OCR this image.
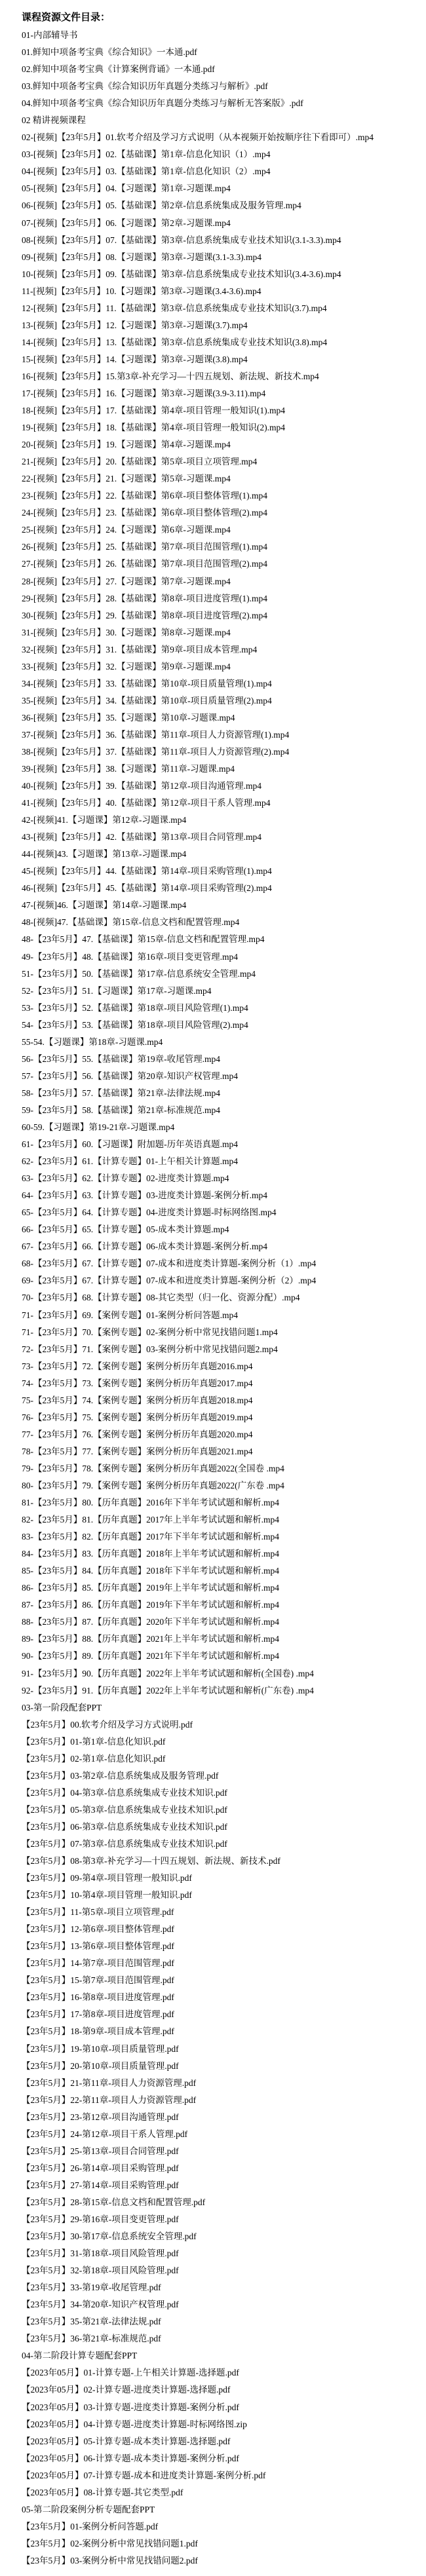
课程资源文件目录：
01-内部辅导书
01.鲜知中项备考宝典《综合知识》一本通.pdf
02.鲜知中项备考宝典《计算案例背诵》一本通.pdf
03.鲜知中项备考宝典《综合知识历年真题分类练习与解析》.pdf
04.鲜知中项备考宝典《综合知识历年真题分类练习与解析无答案版》.pdf
02 精讲视频课程
02-[视频]【23年5月】01.软考介绍及学习方式说明（从本视频开始按顺序往下看即可）.mp4
03-[视频]【23年5月】02.【基础课】第1章-信息化知识（1）.mp4
04-[视频]【23年5月】03.【基础课】第1章-信息化知识（2）.mp4
05-[视频]【23年5月】04.【习题课】第1章-习题课.mp4
06-[视频]【23年5月】05.【基础课】第2章-信息系统集成及服务管理.mp4
07-[视频]【23年5月】06.【习题课】第2章-习题课.mp4
08-[视频]【23年5月】07.【基础课】第3章-信息系统集成专业技术知识(3.1-3.3).mp4
09-[视频]【23年5月】08.【习题课】第3章-习题课(3.1-3.3).mp4
10-[视频]【23年5月】09.【基础课】第3章-信息系统集成专业技术知识(3.4-3.6).mp4
11-[视频]【23年5月】10.【习题课】第3章-习题课(3.4-3.6).mp4
12-[视频]【23年5月】11.【基础课】第3章-信息系统集成专业技术知识(3.7).mp4
13-[视频]【23年5月】12.【习题课】第3章-习题课(3.7).mp4
14-[视频]【23年5月】13.【基础课】第3章-信息系统集成专业技术知识(3.8).mp4
15-[视频]【23年5月】14.【习题课】第3章-习题课(3.8).mp4
16-[视频]【23年5月】15.第3章-补充学习—十四五规划、新法规、新技术.mp4
17-[视频]【23年5月】16.【习题课】第3章-习题课(3.9-3.11).mp4
18-[视频]【23年5月】17.【基础课】第4章-项目管理一般知识(1).mp4
19-[视频]【23年5月】18.【基础课】第4章-项目管理一般知识(2).mp4
20-[视频]【23年5月】19.【习题课】第4章-习题课.mp4
21-[视频]【23年5月】20.【基础课】第5章-项目立项管理.mp4
22-[视频]【23年5月】21.【习题课】第5章-习题课.mp4
23-[视频]【23年5月】22.【基础课】第6章-项目整体管理(1).mp4
24-[视频]【23年5月】23.【基础课】第6章-项目整体管理(2).mp4
25-[视频]【23年5月】24.【习题课】第6章-习题课.mp4
26-[视频]【23年5月】25.【基础课】第7章-项目范围管理(1).mp4
27-[视频]【23年5月】26.【基础课】第7章-项目范围管理(2).mp4
28-[视频]【23年5月】27.【习题课】第7章-习题课.mp4
29-[视频]【23年5月】28.【基础课】第8章-项目进度管理(1).mp4
30-[视频]【23年5月】29.【基础课】第8章-项目进度管理(2).mp4
31-[视频]【23年5月】30.【习题课】第8章-习题课.mp4
32-[视频]【23年5月】31.【基础课】第9章-项目成本管理.mp4
33-[视频]【23年5月】32.【习题课】第9章-习题课.mp4
34-[视频]【23年5月】33.【基础课】第10章-项目质量管理(1).mp4
35-[视频]【23年5月】34.【基础课】第10章-项目质量管理(2).mp4
36-[视频]【23年5月】35.【习题课】第10章-习题课.mp4
37-[视频]【23年5月】36.【基础课】第11章-项目人力资源管理(1).mp4
38-[视频]【23年5月】37.【基础课】第11章-项目人力资源管理(2).mp4
39-[视频]【23年5月】38.【习题课】第11章-习题课.mp4
40-[视频]【23年5月】39.【基础课】第12章-项目沟通管理.mp4
41-[视频]【23年5月】40.【基础课】第12章-项目干系人管理.mp4
42-[视频]41.【习题课】第12章-习题课.mp4
43-[视频]【23年5月】42.【基础课】第13章-项目合同管理.mp4
44-[视频]43.【习题课】第13章-习题课.mp4
45-[视频]【23年5月】44.【基础课】第14章-项目采购管理(1).mp4
46-[视频]【23年5月】45.【基础课】第14章-项目采购管理(2).mp4
47-[视频]46.【习题课】第14章-习题课.mp4
48-[视频]47.【基础课】第15章-信息文档和配置管理.mp4
48-【23年5月】47.【基础课】第15章-信息文档和配置管理.mp4
49-【23年5月】48.【基础课】第16章-项目变更管理.mp4
51-【23年5月】50.【基础课】第17章-信息系统安全管理.mp4
52-【23年5月】51.【习题课】第17章-习题课.mp4
53-【23年5月】52.【基础课】第18章-项目风险管理(1).mp4
54-【23年5月】53.【基础课】第18章-项目风险管理(2).mp4
55-54.【习题课】第18章-习题课.mp4
56-【23年5月】55.【基础课】第19章-收尾管理.mp4
57-【23年5月】56.【基础课】第20章-知识产权管理.mp4
58-【23年5月】57.【基础课】第21章-法律法规.mp4
59-【23年5月】58.【基础课】第21章-标准规范.mp4
60-59.【习题课】第19-21章-习题课.mp4
61-【23年5月】60.【习题课】附加题-历年英语真题.mp4
62-【23年5月】61.【计算专题】01-上午相关计算题.mp4
63-【23年5月】62.【计算专题】02-进度类计算题.mp4
64-【23年5月】63.【计算专题】03-进度类计算题-案例分析.mp4
65-【23年5月】64.【计算专题】04-进度类计算题-时标网络图.mp4
66-【23年5月】65.【计算专题】05-成本类计算题.mp4
67-【23年5月】66.【计算专题】06-成本类计算题-案例分析.mp4
68-【23年5月】67.【计算专题】07-成本和进度类计算题-案例分析（1）.mp4
69-【23年5月】67.【计算专题】07-成本和进度类计算题-案例分析（2）.mp4
70-【23年5月】68.【计算专题】08-其它类型（归一化、资源分配）.mp4
71-【23年5月】69.【案例专题】01-案例分析问答题.mp4
71-【23年5月】70.【案例专题】02-案例分析中常见找错问题1.mp4
72-【23年5月】71.【案例专题】03-案例分析中常见找错问题2.mp4
73-【23年5月】72.【案例专题】案例分析历年真题2016.mp4
74-【23年5月】73.【案例专题】案例分析历年真题2017.mp4
75-【23年5月】74.【案例专题】案例分析历年真题2018.mp4
76-【23年5月】75.【案例专题】案例分析历年真题2019.mp4
77-【23年5月】76.【案例专题】案例分析历年真题2020.mp4
78-【23年5月】77.【案例专题】案例分析历年真题2021.mp4
79-【23年5月】78.【案例专题】案例分析历年真题2022(全国卷 .mp4
80-【23年5月】79.【案例专题】案例分析历年真题2022(广东卷 .mp4
81-【23年5月】80.【历年真题】2016年下半年考试试题和解析.mp4
82-【23年5月】81.【历年真题】2017年上半年考试试题和解析.mp4
83-【23年5月】82.【历年真题】2017年下半年考试试题和解析.mp4
84-【23年5月】83.【历年真题】2018年上半年考试试题和解析.mp4
85-【23年5月】84.【历年真题】2018年下半年考试试题和解析.mp4
86-【23年5月】85.【历年真题】2019年上半年考试试题和解析.mp4
87-【23年5月】86.【历年真题】2019年下半年考试试题和解析.mp4
88-【23年5月】87.【历年真题】2020年下半年考试试题和解析.mp4
89-【23年5月】88.【历年真题】2021年上半年考试试题和解析.mp4
90-【23年5月】89.【历年真题】2021年下半年考试试题和解析.mp4
91-【23年5月】90.【历年真题】2022年上半年考试试题和解析(全国卷) .mp4
92-【23年5月】91.【历年真题】2022年上半年考试试题和解析(广东卷) .mp4
03-第一阶段配套PPT
【23年5月】00.软考介绍及学习方式说明.pdf
【23年5月】01-第1章-信息化知识.pdf
【23年5月】02-第1章-信息化知识.pdf
【23年5月】03-第2章-信息系统集成及服务管理.pdf
【23年5月】04-第3章-信息系统集成专业技术知识.pdf
【23年5月】05-第3章-信息系统集成专业技术知识.pdf
【23年5月】06-第3章-信息系统集成专业技术知识.pdf
【23年5月】07-第3章-信息系统集成专业技术知识.pdf
【23年5月】08-第3章-补充学习—十四五规划、新法规、新技术.pdf
【23年5月】09-第4章-项目管理一般知识.pdf
【23年5月】10-第4章-项目管理一般知识.pdf
【23年5月】11-第5章-项目立项管理.pdf
【23年5月】12-第6章-项目整体管理.pdf
【23年5月】13-第6章-项目整体管理.pdf
【23年5月】14-第7章-项目范围管理.pdf
【23年5月】15-第7章-项目范围管理.pdf
【23年5月】16-第8章-项目进度管理.pdf
【23年5月】17-第8章-项目进度管理.pdf
【23年5月】18-第9章-项目成本管理.pdf
【23年5月】19-第10章-项目质量管理.pdf
【23年5月】20-第10章-项目质量管理.pdf
【23年5月】21-第11章-项目人力资源管理.pdf
【23年5月】22-第11章-项目人力资源管理.pdf
【23年5月】23-第12章-项目沟通管理.pdf
【23年5月】24-第12章-项目干系人管理.pdf
【23年5月】25-第13章-项目合同管理.pdf
【23年5月】26-第14章-项目采购管理.pdf
【23年5月】27-第14章-项目采购管理.pdf
【23年5月】28-第15章-信息文档和配置管理.pdf
【23年5月】29-第16章-项目变更管理.pdf
【23年5月】30-第17章-信息系统安全管理.pdf
【23年5月】31-第18章-项目风险管理.pdf
【23年5月】32-第18章-项目风险管理.pdf
【23年5月】33-第19章-收尾管理.pdf
【23年5月】34-第20章-知识产权管理.pdf
【23年5月】35-第21章-法律法规.pdf
【23年5月】36-第21章-标准规范.pdf
04-第二阶段计算专题配套PPT
【2023年05月】01-计算专题-上午相关计算题-选择题.pdf
【2023年05月】02-计算专题-进度类计算题-选择题.pdf
【2023年05月】03-计算专题-进度类计算题-案例分析.pdf
【2023年05月】04-计算专题-进度类计算题-时标网络图.zip
【2023年05月】05-计算专题-成本类计算题-选择题.pdf
【2023年05月】06-计算专题-成本类计算题-案例分析.pdf
【2023年05月】07-计算专题-成本和进度类计算题-案例分析.pdf
【2023年05月】08-计算专题-其它类型.pdf
05-第二阶段案例分析专题配套PPT
【23年5月】01-案例分析问答题.pdf
【23年5月】02-案例分析中常见找错问题1.pdf
【23年5月】03-案例分析中常见找错问题2.pdf
